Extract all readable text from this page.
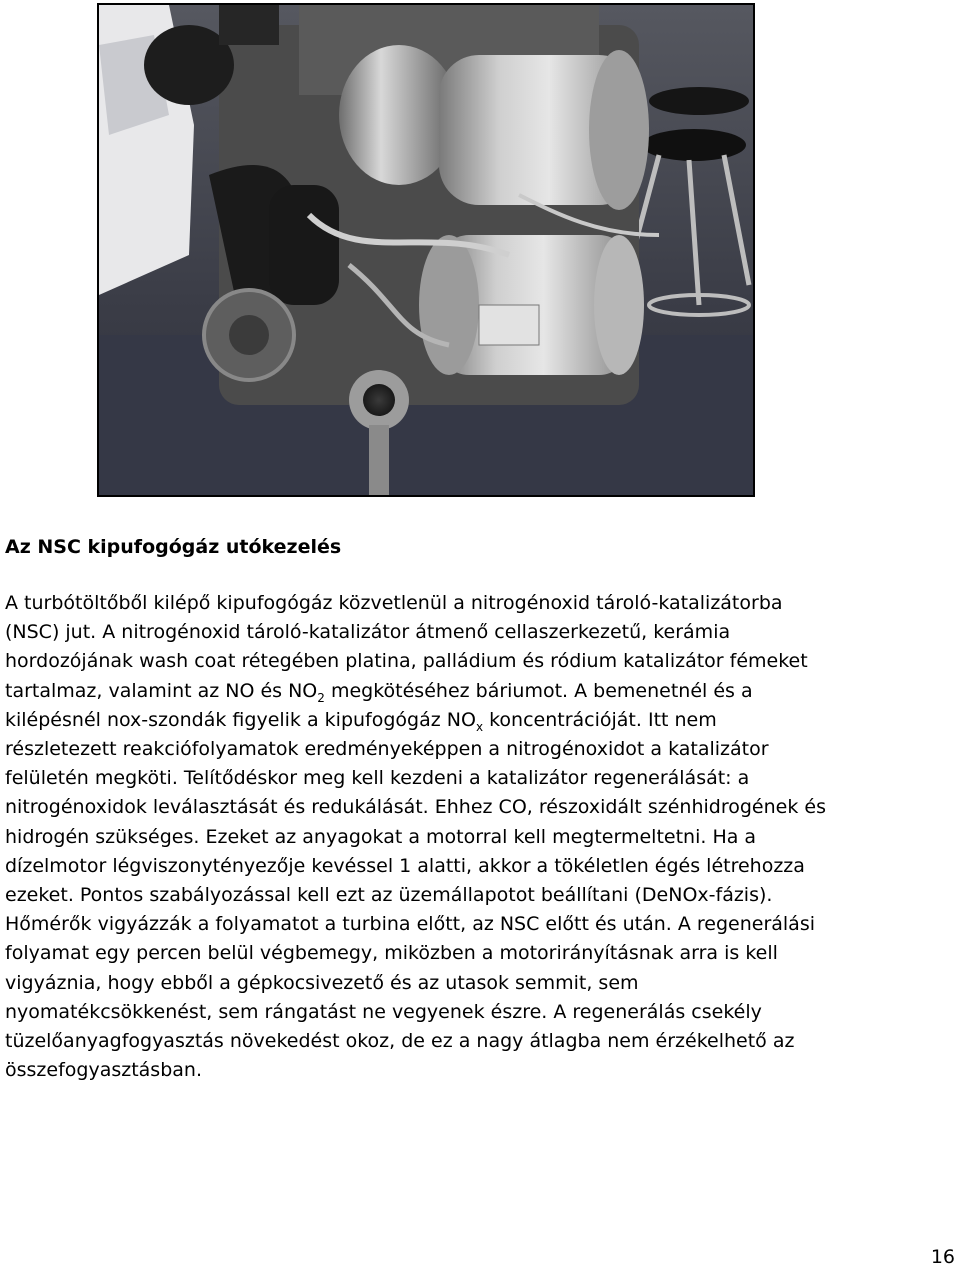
Az NSC kipufogógáz utókezelés

A turbótöltőből kilépő kipufogógáz közvetlenül a nitrogénoxid tároló-katalizátorba
(NSC) jut. A nitrogénoxid tároló-katalizátor átmenő cellaszerkezetű, kerámia
hordozójának wash coat rétegében platina, palládium és ródium katalizátor fémeket
tartalmaz, valamint az NO és $NO_2$ megkötéséhez báriumot. A bemenetnél és a
kilépésnél nox-szondák figyelik a kipufogógáz $NO_x$ koncentrációját. Itt nem
részletezett reakciófolyamatok eredményeképpen a nitrogénoxidot a katalizátor
felületén megköti. Telítődéskor meg kell kezdeni a katalizátor regenerálását: a
nitrogénoxidok leválasztását és redukálását. Ehhez CO, részoxidált szénhidrogének és
hidrogén szükséges. Ezeket az anyagokat a motorral kell megtermeltetni. Ha a
dízelmotor légviszonytényezője kevéssel 1 alatti, akkor a tökéletlen égés létrehozza
ezeket. Pontos szabályozással kell ezt az üzemállapotot beállítani (DeNOx-fázis).
Hőmérők vigyázzák a folyamatot a turbina előtt, az NSC előtt és után. A regenerálási
folyamat egy percen belül végbemegy, miközben a motorirányításnak arra is kell
vigyáznia, hogy ebből a gépkocsivezető és az utasok semmit, sem
nyomatékcsökkenést, sem rángatást ne vegyenek észre. A regenerálás csekély
tüzelőanyagfogyasztás növekedést okoz, de ez a nagy átlagba nem érzékelhető az
összefogyasztásban.

16
